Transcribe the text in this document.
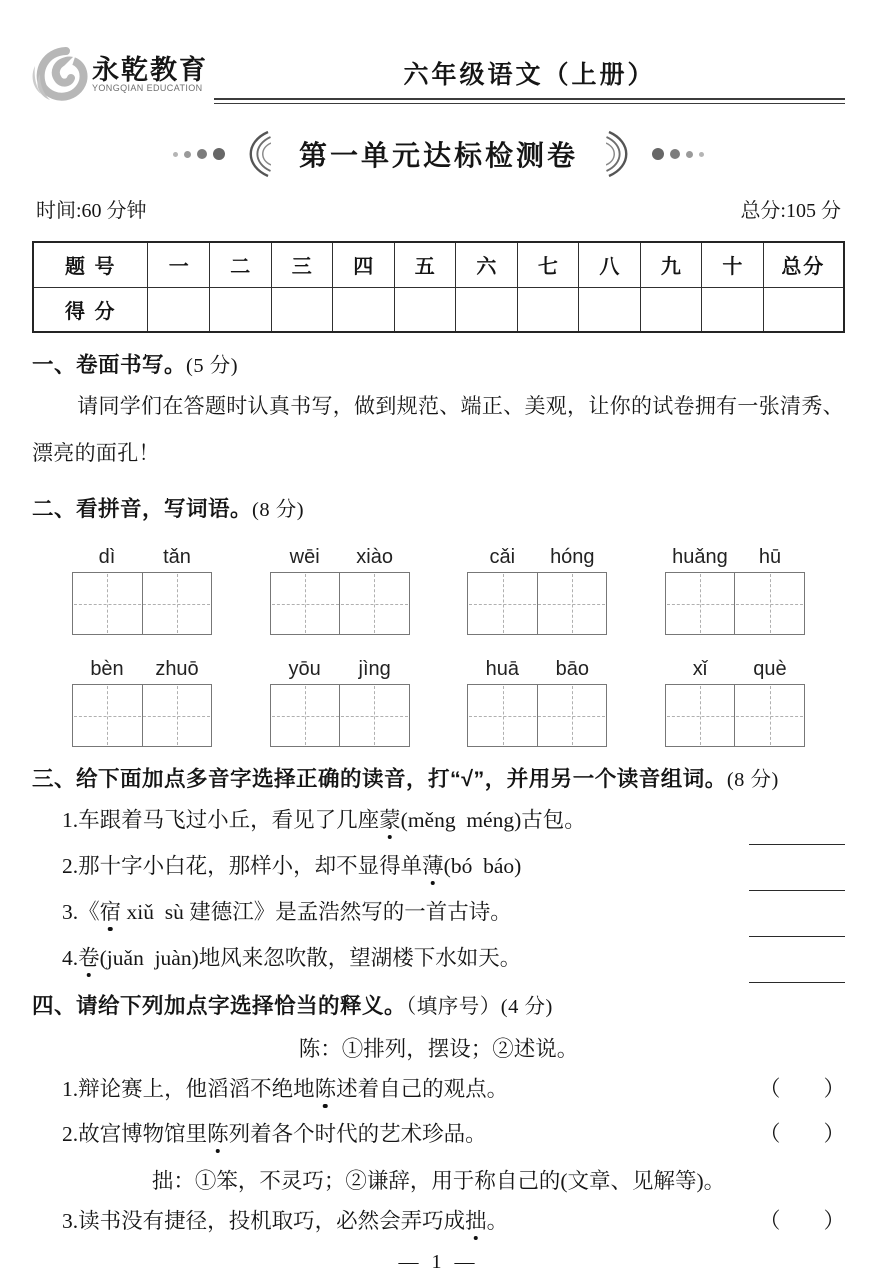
永乾教育
YONGQIAN EDUCATION	六年级语文（上册）
第一单元达标检测卷
时间:60 分钟	总分:105 分
题 号	一	二	三	四	五	六	七	八	九	十	总分
得 分											
一、卷面书写。(5 分)
请同学们在答题时认真书写，做到规范、端正、美观，让你的试卷拥有一张清秀、
漂亮的面孔！
二、看拼音，写词语。(8 分)
dì	tǎn	wēi	xiào	cǎi	hóng	huǎng	hū
bèn	zhuō	yōu	jìng	huā	bāo	xǐ	què
三、给下面加点多音字选择正确的读音，打“√”，并用另一个读音组词。(8 分)
1.车跟着马飞过小丘，看见了几座蒙(měng  méng)古包。
2.那十字小白花，那样小，却不显得单薄(bó  báo)
3.《宿 xiǔ  sù 建德江》是孟浩然写的一首古诗。
4.卷(juǎn  juàn)地风来忽吹散，望湖楼下水如天。
四、请给下列加点字选择恰当的释义。（填序号）(4 分)
陈：①排列，摆设；②述说。
1.辩论赛上，他滔滔不绝地陈述着自己的观点。	（　　）
2.故宫博物馆里陈列着各个时代的艺术珍品。	（　　）
拙：①笨，不灵巧；②谦辞，用于称自己的(文章、见解等)。
3.读书没有捷径，投机取巧，必然会弄巧成拙。	（　　）
— 1 —
